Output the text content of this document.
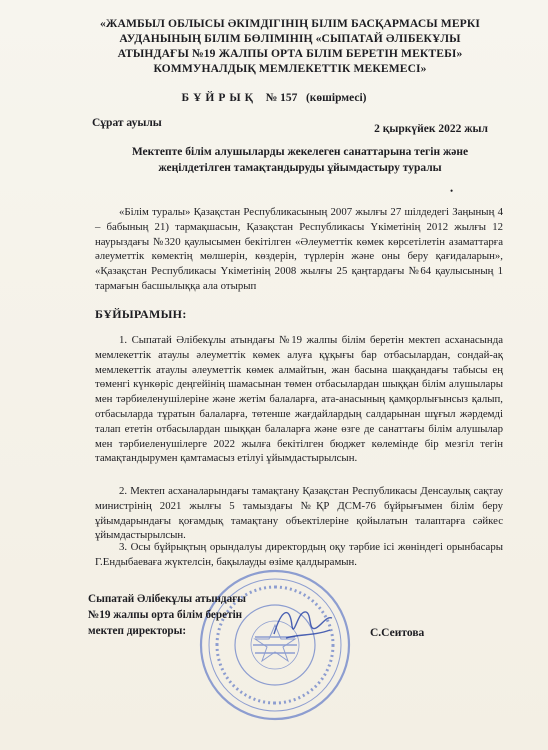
«ЖАМБЫЛ ОБЛЫСЫ ӘКІМДІГІНІҢ БІЛІМ БАСҚАРМАСЫ МЕРКІ
АУДАНЫНЫҢ БІЛІМ БӨЛІМІНІҢ «СЫПАТАЙ ӘЛІБЕКҰЛЫ
АТЫНДАҒЫ №19 ЖАЛПЫ ОРТА БІЛІМ БЕРЕТІН МЕКТЕБІ»
КОММУНАЛДЫҚ МЕМЛЕКЕТТІК МЕКЕМЕСІ»
БҰЙРЫҚ № 157 (көшірмесі)
Сұрат ауылы	2 қыркүйек 2022 жыл
Мектепте білім алушыларды жекелеген санаттарына тегін және
жеңілдетілген тамақтандыруды ұйымдастыру туралы
•
«Білім туралы» Қазақстан Республикасының 2007 жылғы 27 шілдедегі Заңының 4 – бабының 21) тармақшасын, Қазақстан Республикасы Үкіметінің 2012 жылғы 12 наурыздағы №320 қаулысымен бекітілген «Әлеуметтік көмек көрсетілетін азаматтарға әлеуметтік көмектің мөлшерін, көздерін, түрлерін және оны беру қағидаларын», «Қазақстан Республикасы Үкіметінің 2008 жылғы 25 қаңтардағы №64 қаулысының 1 тармағын басшылыққа ала отырып
БҰЙЫРАМЫН:
1. Сыпатай Әлібекұлы атындағы №19 жалпы білім беретін мектеп асханасында мемлекеттік атаулы әлеуметтік көмек алуға құқығы бар отбасылардан, сондай-ақ мемлекеттік атаулы әлеуметтік көмек алмайтын, жан басына шаққандағы табысы ең төменгі күнкөріс деңгейінің шамасынан төмен отбасылардан шыққан білім алушылары мен тәрбиеленушілеріне және жетім балаларға, ата-анасының қамқорлығынсыз қалып, отбасыларда тұратын балаларға, төтенше жағдайлардың салдарынан шұғыл жәрдемді талап ететін отбасылардан шыққан балаларға және өзге де санаттағы білім алушылар мен тәрбиеленушілерге 2022 жылға бекітілген бюджет көлемінде бір мезгіл тегін тамақтандырумен қамтамасыз етілуі ұйымдастырылсын.
2. Мектеп асханаларындағы тамақтану Қазақстан Республикасы Денсаулық сақтау министрінің 2021 жылғы 5 тамыздағы №ҚР ДСМ-76 бұйрығымен білім беру ұйымдарындағы қоғамдық тамақтану объектілеріне қойылатын талаптарға сәйкес ұйымдастырылсын.
3. Осы бұйрықтың орындалуы директордың оқу тәрбие ісі жөніндегі орынбасары Г.Ендыбаеваға жүктелсін, бақылауды өзіме қалдырамын.
Сыпатай Әлібекұлы атындағы
№19 жалпы орта білім беретін
мектеп директоры:	С.Сеитова
